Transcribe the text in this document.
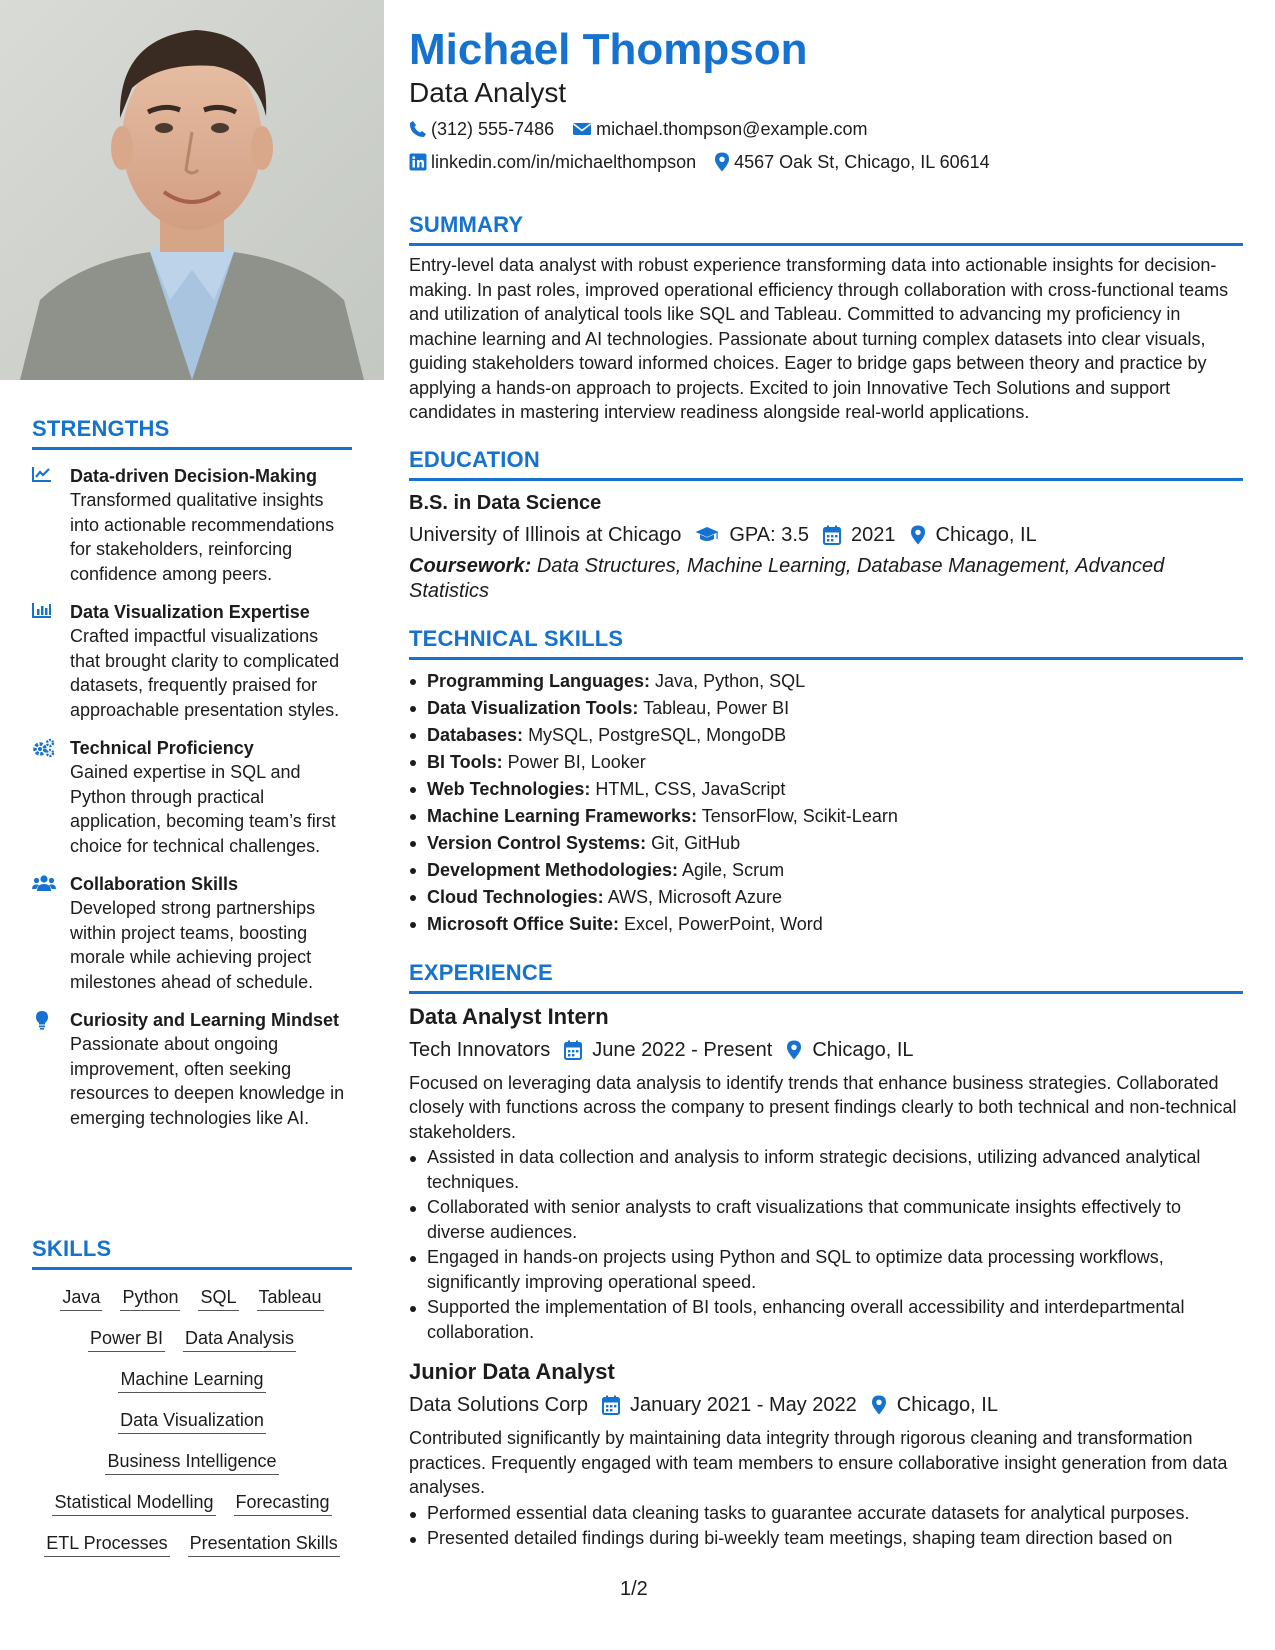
STRENGTHS
Data-driven Decision-Making
Transformed qualitative insights into actionable recommendations for stakeholders, reinforcing confidence among peers.
Data Visualization Expertise
Crafted impactful visualizations that brought clarity to complicated datasets, frequently praised for approachable presentation styles.
Technical Proficiency
Gained expertise in SQL and Python through practical application, becoming team’s first choice for technical challenges.
Collaboration Skills
Developed strong partnerships within project teams, boosting morale while achieving project milestones ahead of schedule.
Curiosity and Learning Mindset
Passionate about ongoing improvement, often seeking resources to deepen knowledge in emerging technologies like AI.
SKILLS
Java Python SQL Tableau
Power BI Data Analysis
Machine Learning
Data Visualization
Business Intelligence
Statistical Modelling Forecasting
ETL Processes Presentation Skills
Michael Thompson
Data Analyst
(312) 555-7486 michael.thompson@example.com
linkedin.com/in/michaelthompson 4567 Oak St, Chicago, IL 60614
SUMMARY
Entry-level data analyst with robust experience transforming data into actionable insights for decision-making. In past roles, improved operational efficiency through collaboration with cross-functional teams and utilization of analytical tools like SQL and Tableau. Committed to advancing my proficiency in machine learning and AI technologies. Passionate about turning complex datasets into clear visuals, guiding stakeholders toward informed choices. Eager to bridge gaps between theory and practice by applying a hands-on approach to projects. Excited to join Innovative Tech Solutions and support candidates in mastering interview readiness alongside real-world applications.
EDUCATION
B.S. in Data Science
University of Illinois at Chicago GPA: 3.5 2021 Chicago, IL
Coursework: Data Structures, Machine Learning, Database Management, Advanced Statistics
TECHNICAL SKILLS
Programming Languages: Java, Python, SQL
Data Visualization Tools: Tableau, Power BI
Databases: MySQL, PostgreSQL, MongoDB
BI Tools: Power BI, Looker
Web Technologies: HTML, CSS, JavaScript
Machine Learning Frameworks: TensorFlow, Scikit-Learn
Version Control Systems: Git, GitHub
Development Methodologies: Agile, Scrum
Cloud Technologies: AWS, Microsoft Azure
Microsoft Office Suite: Excel, PowerPoint, Word
EXPERIENCE
Data Analyst Intern
Tech Innovators June 2022 - Present Chicago, IL
Focused on leveraging data analysis to identify trends that enhance business strategies. Collaborated closely with functions across the company to present findings clearly to both technical and non-technical stakeholders.
Assisted in data collection and analysis to inform strategic decisions, utilizing advanced analytical techniques.
Collaborated with senior analysts to craft visualizations that communicate insights effectively to diverse audiences.
Engaged in hands-on projects using Python and SQL to optimize data processing workflows, significantly improving operational speed.
Supported the implementation of BI tools, enhancing overall accessibility and interdepartmental collaboration.
Junior Data Analyst
Data Solutions Corp January 2021 - May 2022 Chicago, IL
Contributed significantly by maintaining data integrity through rigorous cleaning and transformation practices. Frequently engaged with team members to ensure collaborative insight generation from data analyses.
Performed essential data cleaning tasks to guarantee accurate datasets for analytical purposes.
Presented detailed findings during bi-weekly team meetings, shaping team direction based on
1/2
